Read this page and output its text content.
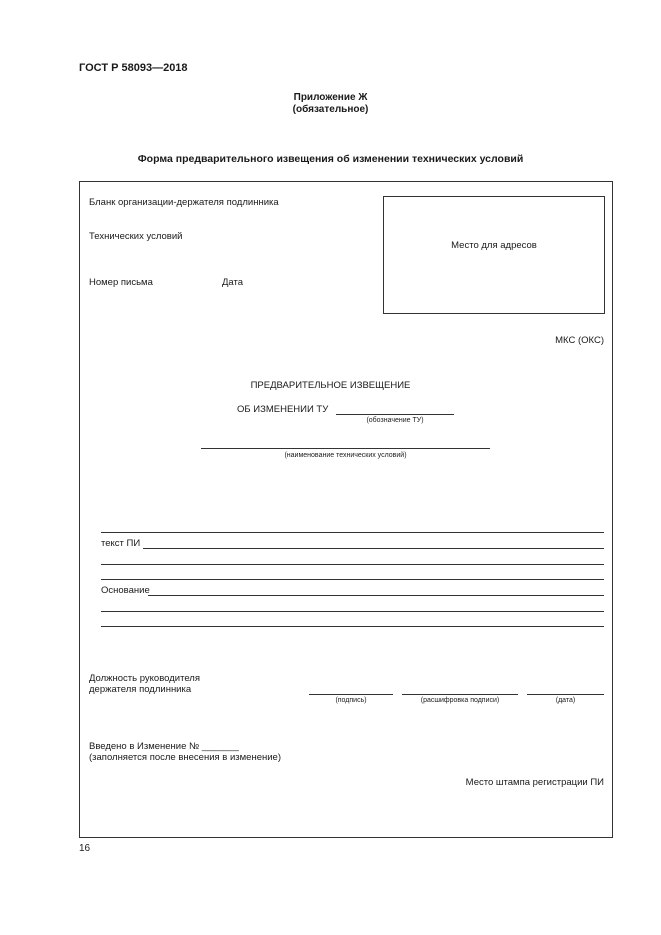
ГОСТ Р 58093—2018
Приложение Ж
(обязательное)
Форма предварительного извещения об изменении технических условий
Бланк организации-держателя подлинника
Технических условий
Номер письма	Дата
Место для адресов
МКС (ОКС)
ПРЕДВАРИТЕЛЬНОЕ ИЗВЕЩЕНИЕ
ОБ ИЗМЕНЕНИИ ТУ
(обозначение ТУ)
(наименование технических условий)
текст ПИ
Основание
Должность руководителя
держателя подлинника
(подпись)	(расшифровка подписи)	(дата)
Введено в Изменение № _______
(заполняется после внесения в изменение)
Место штампа регистрации ПИ
16
